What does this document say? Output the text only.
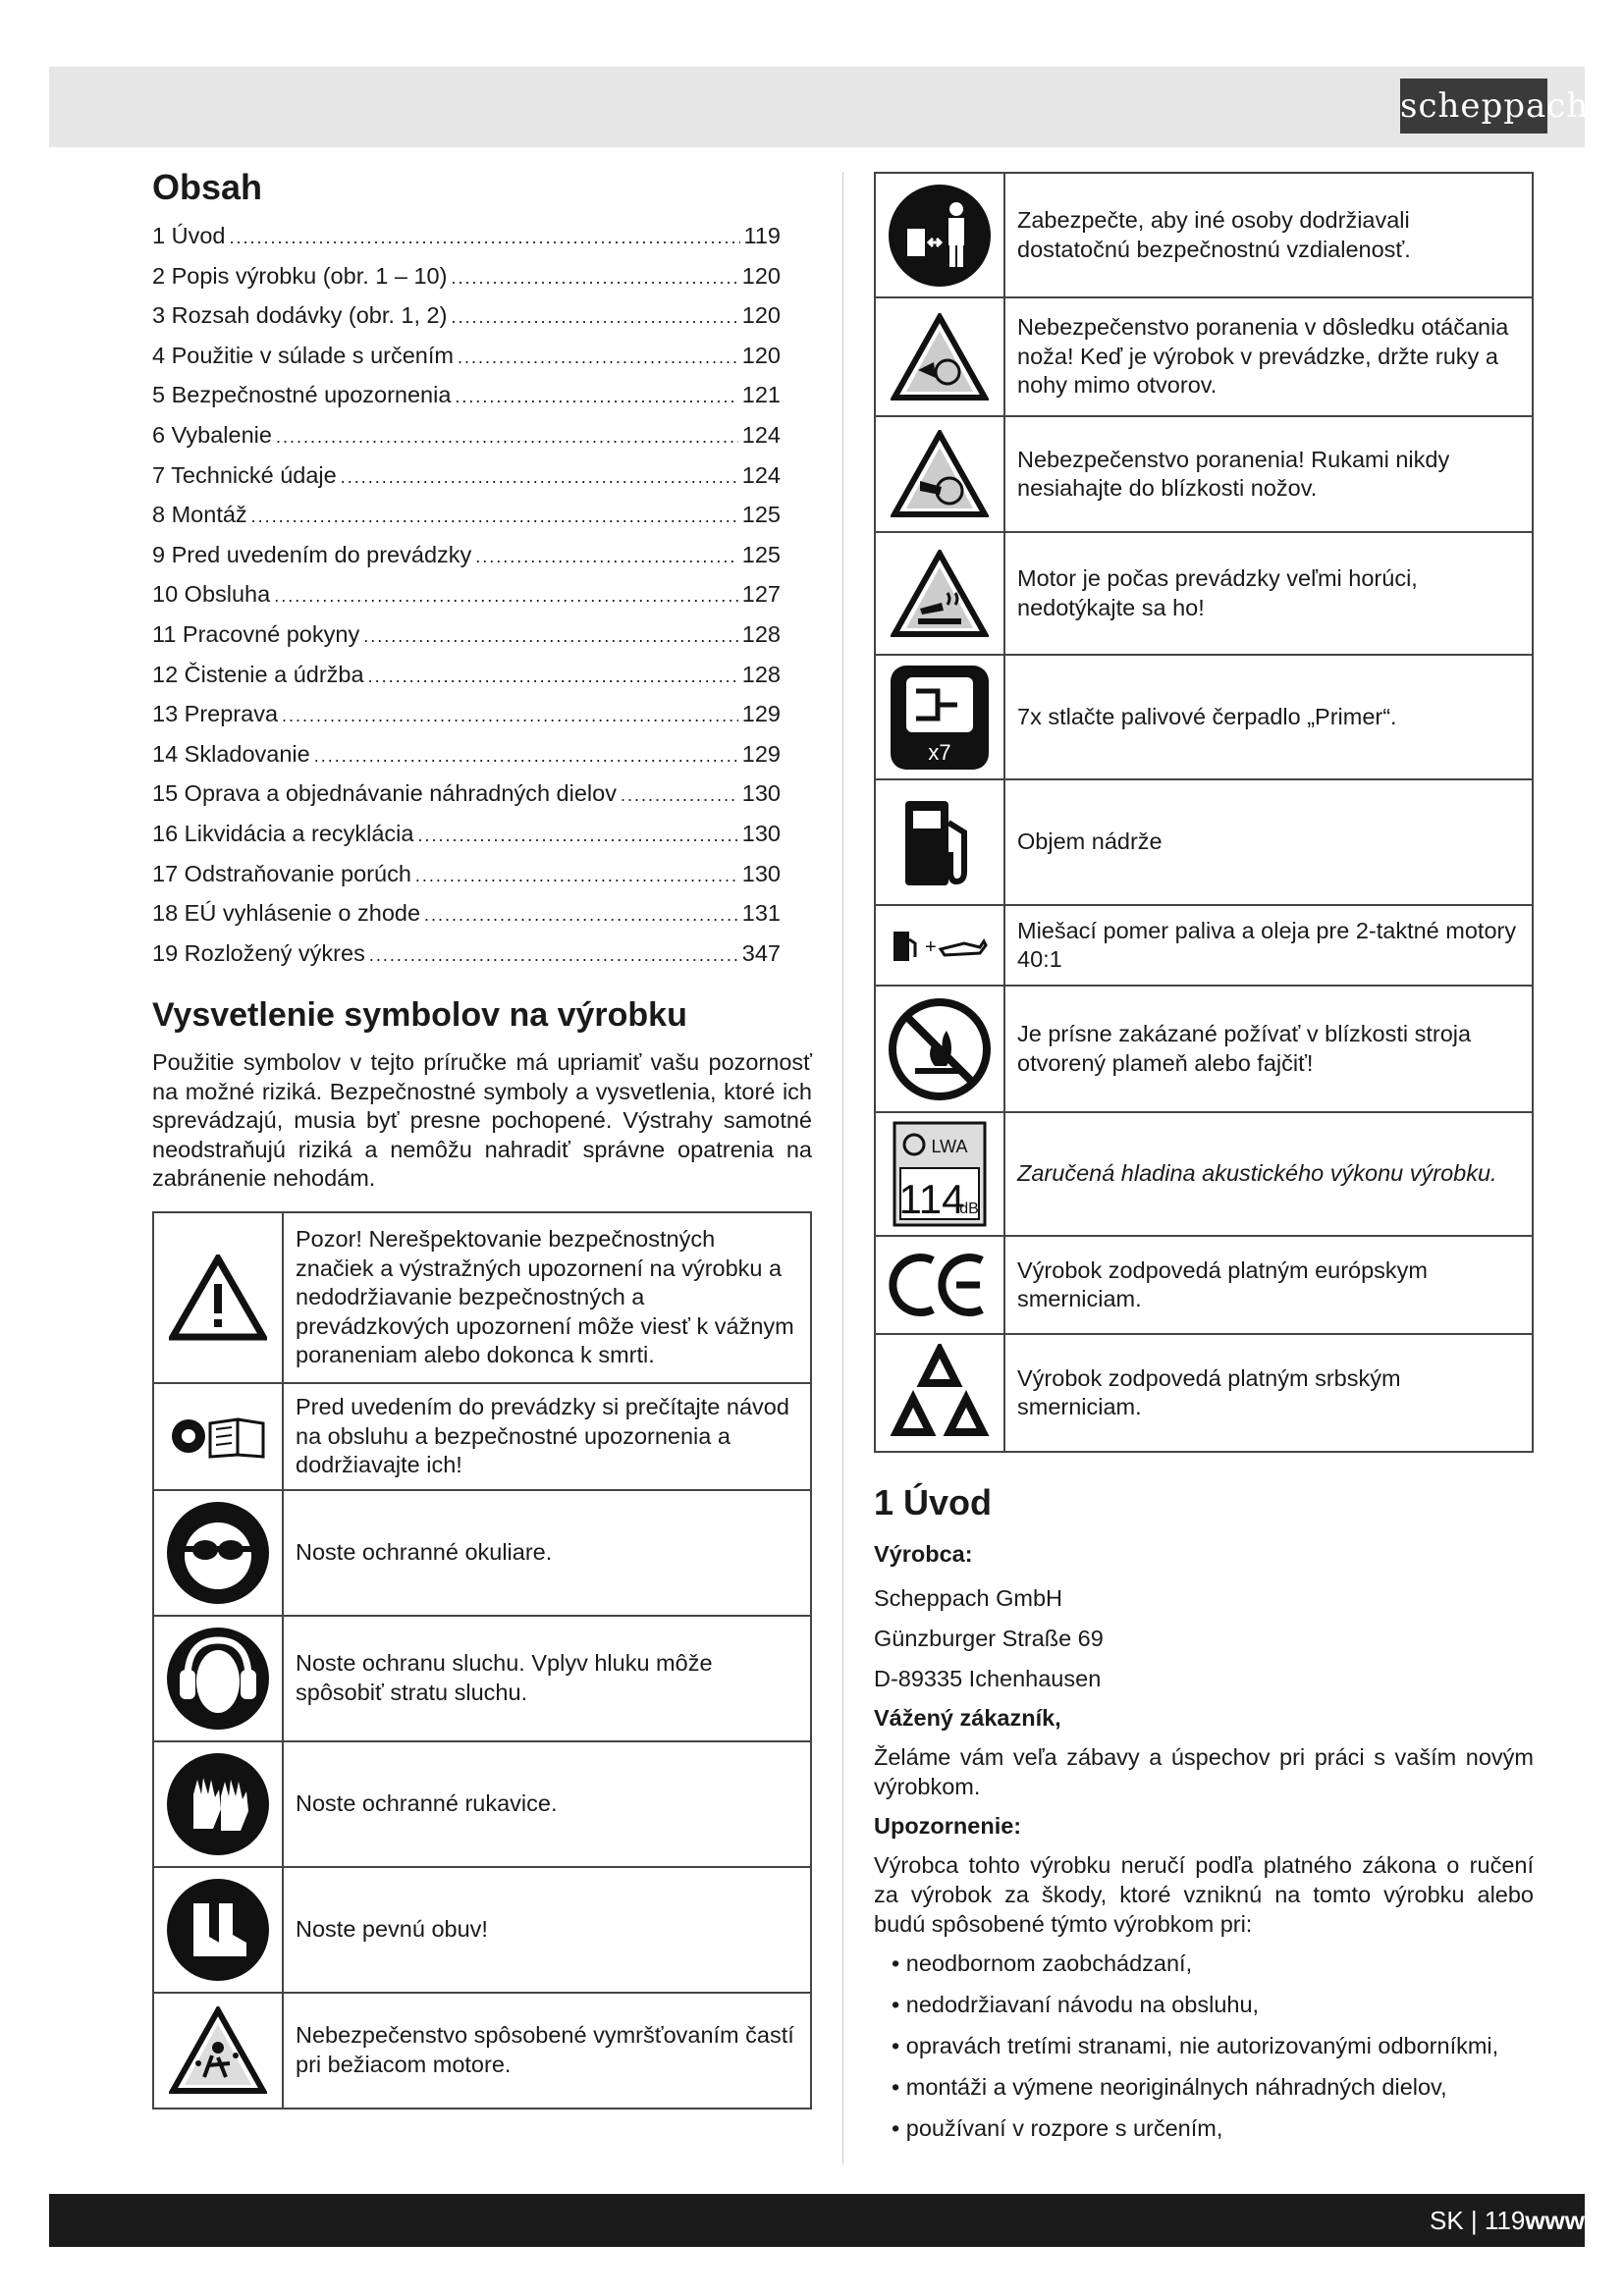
scheppach
Obsah
1 Úvod .....	119
2 Popis výrobku (obr. 1 – 10) .....	120
3 Rozsah dodávky (obr. 1, 2) .....	120
4 Použitie v súlade s určením .....	120
5 Bezpečnostné upozornenia .....	121
6 Vybalenie .....	124
7 Technické údaje .....	124
8 Montáž .....	125
9 Pred uvedením do prevádzky .....	125
10 Obsluha .....	127
11 Pracovné pokyny .....	128
12 Čistenie a údržba .....	128
13 Preprava .....	129
14 Skladovanie .....	129
15 Oprava a objednávanie náhradných dielov .....	130
16 Likvidácia a recyklácia .....	130
17 Odstraňovanie porúch .....	130
18 EÚ vyhlásenie o zhode .....	131
19 Rozložený výkres .....	347
Vysvetlenie symbolov na výrobku

Použitie symbolov v tejto príručke má upriamiť vašu pozornosť na možné riziká. Bezpečnostné symboly a vysvetlenia, ktoré ich sprevádzajú, musia byť presne pochopené. Výstrahy samotné neodstraňujú riziká a nemôžu nahradiť správne opatrenia na zabránenie nehodám.

	Pozor! Nerešpektovanie bezpečnostných značiek a výstražných upozornení na výrobku a nedodržiavanie bezpečnostných a prevádzkových upozornení môže viesť k vážnym poraneniam alebo dokonca k smrti.

	Pred uvedením do prevádzky si prečítajte návod na obsluhu a bezpečnostné upozornenia a dodržiavajte ich!

	Noste ochranné okuliare.

	Noste ochranu sluchu. Vplyv hluku môže spôsobiť stratu sluchu.

	Noste ochranné rukavice.

	Noste pevnú obuv!

	Nebezpečenstvo spôsobené vymršťovaním častí pri bežiacom motore.
	Zabezpečte, aby iné osoby dodržiavali dostatočnú bezpečnostnú vzdialenosť.

	Nebezpečenstvo poranenia v dôsledku otáčania noža! Keď je výrobok v prevádzke, držte ruky a nohy mimo otvorov.

	Nebezpečenstvo poranenia! Rukami nikdy nesiahajte do blízkosti nožov.

	Motor je počas prevádzky veľmi horúci, nedotýkajte sa ho!

x7	7x stlačte palivové čerpadlo „Primer“.

	Objem nádrže

+	Miešací pomer paliva a oleja pre 2-taktné motory 40:1

	Je prísne zakázané požívať v blízkosti stroja otvorený plameň alebo fajčiť!

LWA
114
dB	Zaručená hladina akustického výkonu výrobku.

	Výrobok zodpovedá platným európskym smerniciam.

	Výrobok zodpovedá platným srbským smerniciam.
1 Úvod

Výrobca:

Scheppach GmbH

Günzburger Straße 69

D-89335 Ichenhausen

Vážený zákazník,

Želáme vám veľa zábavy a úspechov pri práci s vaším novým výrobkom.

Upozornenie:

Výrobca tohto výrobku neručí podľa platného zákona o ručení za výrobok za škody, ktoré vzniknú na tomto výrobku alebo budú spôsobené týmto výrobkom pri:

• neodbornom zaobchádzaní,
• nedodržiavaní návodu na obsluhu,
• opravách tretími stranami, nie autorizovanými odborníkmi,
• montáži a výmene neoriginálnych náhradných dielov,
• používaní v rozpore s určením,
SK | 119www
